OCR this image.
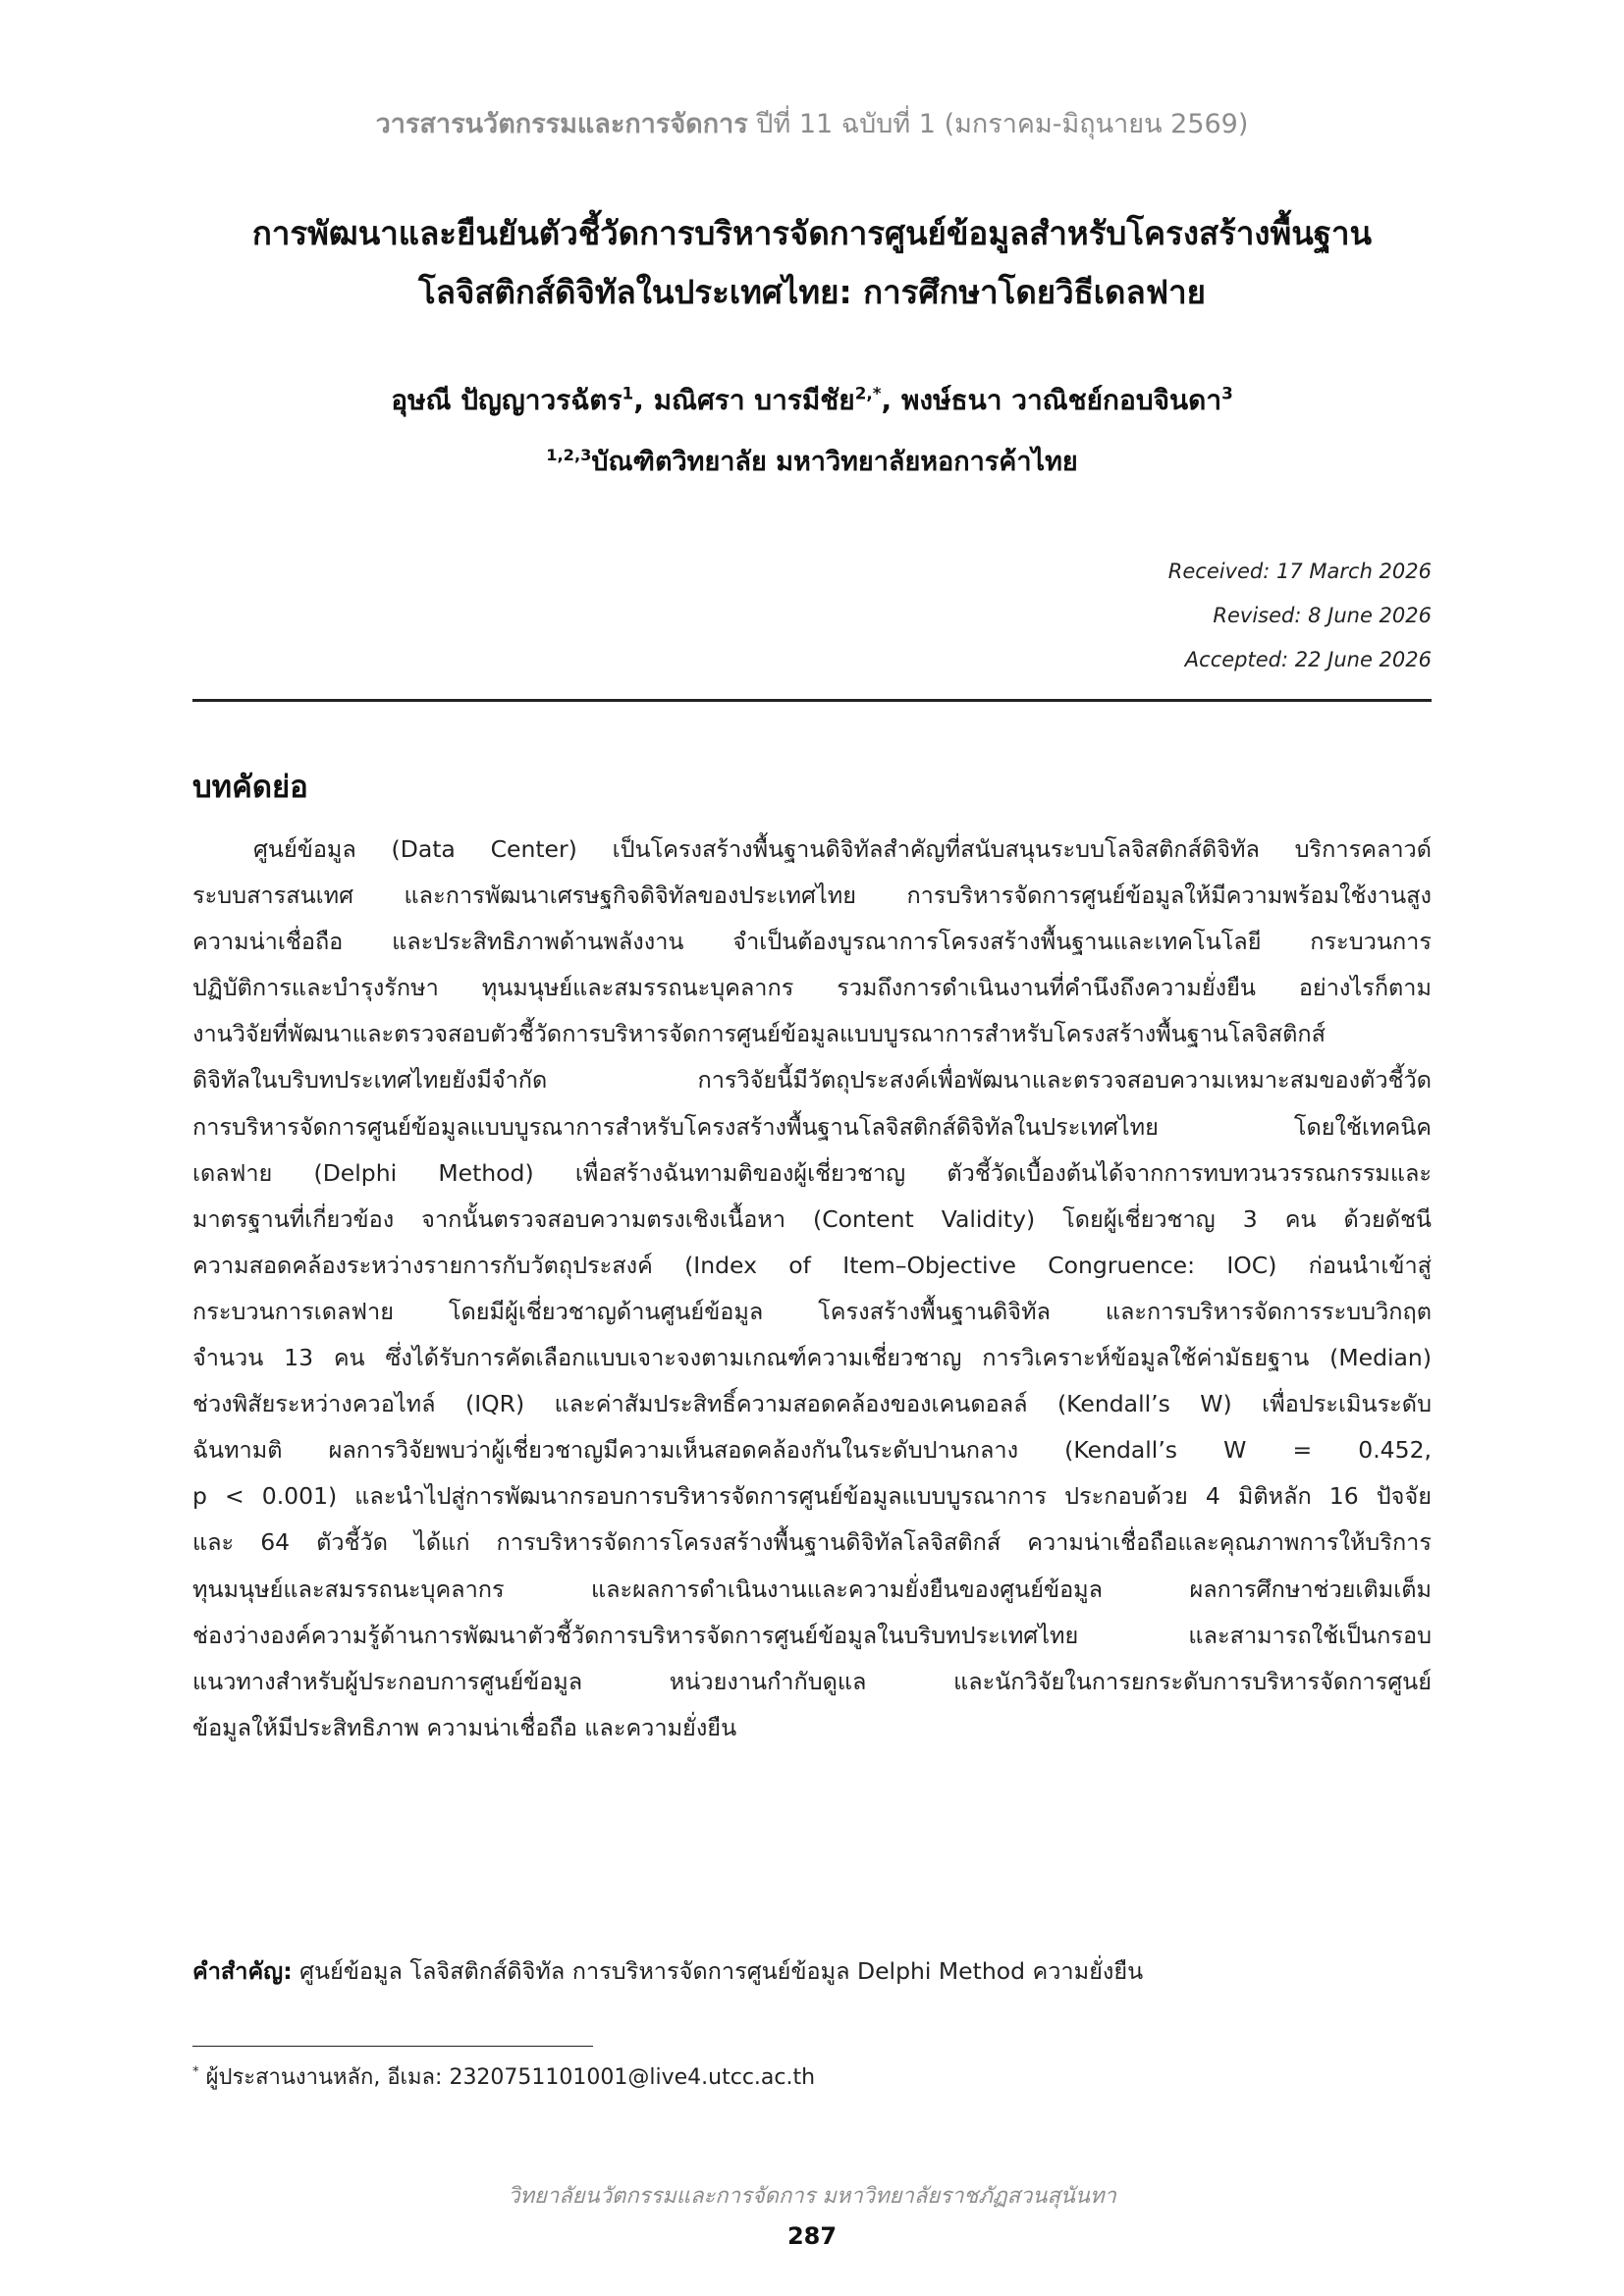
วารสารนวัตกรรมและการจัดการ ปีที่ 11 ฉบับที่ 1 (มกราคม-มิถุนายน 2569)
การพัฒนาและยืนยันตัวชี้วัดการบริหารจัดการศูนย์ข้อมูลสำหรับโครงสร้างพื้นฐาน
โลจิสติกส์ดิจิทัลในประเทศไทย: การศึกษาโดยวิธีเดลฟาย
อุษณี ปัญญาวรฉัตร$^1$, มณิศรา บารมีชัย$^{2,*}$, พงษ์ธนา วาณิชย์กอบจินดา$^3$
$^{1,2,3}$บัณฑิตวิทยาลัย มหาวิทยาลัยหอการค้าไทย
Received: 17 March 2026
Revised: 8 June 2026
Accepted: 22 June 2026
บทคัดย่อ
ศูนย์ข้อมูล (Data Center) เป็นโครงสร้างพื้นฐานดิจิทัลสำคัญที่สนับสนุนระบบโลจิสติกส์ดิจิทัล บริการคลาวด์
ระบบสารสนเทศ และการพัฒนาเศรษฐกิจดิจิทัลของประเทศไทย การบริหารจัดการศูนย์ข้อมูลให้มีความพร้อมใช้งานสูง
ความน่าเชื่อถือ และประสิทธิภาพด้านพลังงาน จำเป็นต้องบูรณาการโครงสร้างพื้นฐานและเทคโนโลยี กระบวนการ
ปฏิบัติการและบำรุงรักษา ทุนมนุษย์และสมรรถนะบุคลากร รวมถึงการดำเนินงานที่คำนึงถึงความยั่งยืน อย่างไรก็ตาม
งานวิจัยที่พัฒนาและตรวจสอบตัวชี้วัดการบริหารจัดการศูนย์ข้อมูลแบบบูรณาการสำหรับโครงสร้างพื้นฐานโลจิสติกส์
ดิจิทัลในบริบทประเทศไทยยังมีจำกัด การวิจัยนี้มีวัตถุประสงค์เพื่อพัฒนาและตรวจสอบความเหมาะสมของตัวชี้วัด
การบริหารจัดการศูนย์ข้อมูลแบบบูรณาการสำหรับโครงสร้างพื้นฐานโลจิสติกส์ดิจิทัลในประเทศไทย โดยใช้เทคนิค
เดลฟาย (Delphi Method) เพื่อสร้างฉันทามติของผู้เชี่ยวชาญ ตัวชี้วัดเบื้องต้นได้จากการทบทวนวรรณกรรมและ
มาตรฐานที่เกี่ยวข้อง จากนั้นตรวจสอบความตรงเชิงเนื้อหา (Content Validity) โดยผู้เชี่ยวชาญ 3 คน ด้วยดัชนี
ความสอดคล้องระหว่างรายการกับวัตถุประสงค์ (Index of Item–Objective Congruence: IOC) ก่อนนำเข้าสู่
กระบวนการเดลฟาย โดยมีผู้เชี่ยวชาญด้านศูนย์ข้อมูล โครงสร้างพื้นฐานดิจิทัล และการบริหารจัดการระบบวิกฤต
จำนวน 13 คน ซึ่งได้รับการคัดเลือกแบบเจาะจงตามเกณฑ์ความเชี่ยวชาญ การวิเคราะห์ข้อมูลใช้ค่ามัธยฐาน (Median)
ช่วงพิสัยระหว่างควอไทล์ (IQR) และค่าสัมประสิทธิ์ความสอดคล้องของเคนดอลล์ (Kendall’s W) เพื่อประเมินระดับ
ฉันทามติ ผลการวิจัยพบว่าผู้เชี่ยวชาญมีความเห็นสอดคล้องกันในระดับปานกลาง (Kendall’s W = 0.452,
p < 0.001) และนำไปสู่การพัฒนากรอบการบริหารจัดการศูนย์ข้อมูลแบบบูรณาการ ประกอบด้วย 4 มิติหลัก 16 ปัจจัย
และ 64 ตัวชี้วัด ได้แก่ การบริหารจัดการโครงสร้างพื้นฐานดิจิทัลโลจิสติกส์ ความน่าเชื่อถือและคุณภาพการให้บริการ
ทุนมนุษย์และสมรรถนะบุคลากร และผลการดำเนินงานและความยั่งยืนของศูนย์ข้อมูล ผลการศึกษาช่วยเติมเต็ม
ช่องว่างองค์ความรู้ด้านการพัฒนาตัวชี้วัดการบริหารจัดการศูนย์ข้อมูลในบริบทประเทศไทย และสามารถใช้เป็นกรอบ
แนวทางสำหรับผู้ประกอบการศูนย์ข้อมูล หน่วยงานกำกับดูแล และนักวิจัยในการยกระดับการบริหารจัดการศูนย์
ข้อมูลให้มีประสิทธิภาพ ความน่าเชื่อถือ และความยั่งยืน
คำสำคัญ: ศูนย์ข้อมูล โลจิสติกส์ดิจิทัล การบริหารจัดการศูนย์ข้อมูล Delphi Method ความยั่งยืน
* ผู้ประสานงานหลัก, อีเมล: 2320751101001@live4.utcc.ac.th
วิทยาลัยนวัตกรรมและการจัดการ มหาวิทยาลัยราชภัฏสวนสุนันทา
287
